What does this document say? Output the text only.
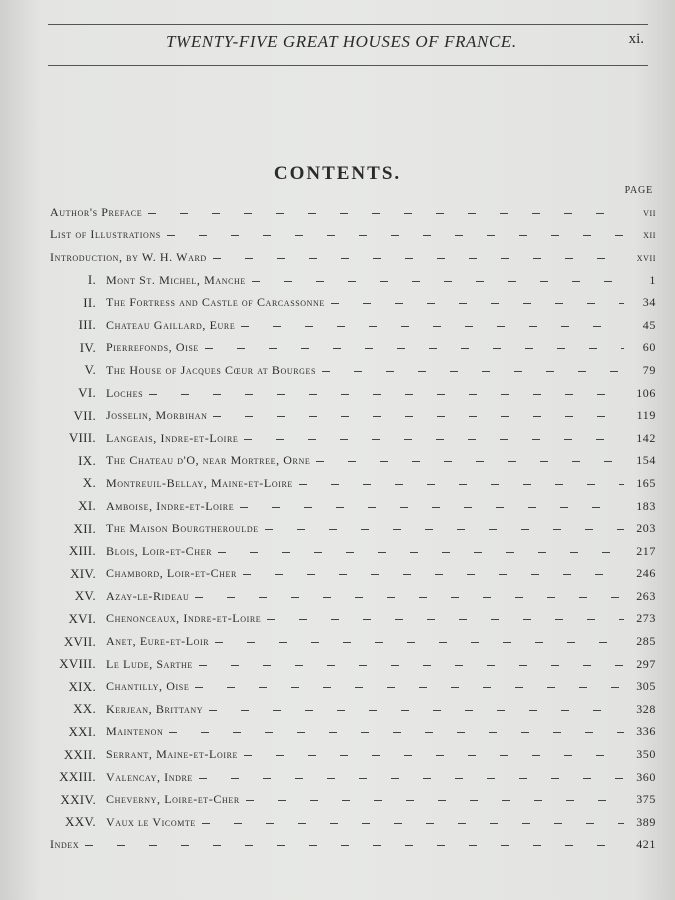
TWENTY-FIVE GREAT HOUSES OF FRANCE.	xi.
CONTENTS.
PAGE
Author's Preface	vii
List of Illustrations	xii
Introduction, by W. H. Ward	xvii
I. Mont St. Michel, Manche	1
II. The Fortress and Castle of Carcassonne	34
III. Chateau Gaillard, Eure	45
IV. Pierrefonds, Oise	60
V. The House of Jacques Cœur at Bourges	79
VI. Loches	106
VII. Josselin, Morbihan	119
VIII. Langeais, Indre-et-Loire	142
IX. The Chateau d'O, near Mortree, Orne	154
X. Montreuil-Bellay, Maine-et-Loire	165
XI. Amboise, Indre-et-Loire	183
XII. The Maison Bourgtheroulde	203
XIII. Blois, Loir-et-Cher	217
XIV. Chambord, Loir-et-Cher	246
XV. Azay-le-Rideau	263
XVI. Chenonceaux, Indre-et-Loire	273
XVII. Anet, Eure-et-Loir	285
XVIII. Le Lude, Sarthe	297
XIX. Chantilly, Oise	305
XX. Kerjean, Brittany	328
XXI. Maintenon	336
XXII. Serrant, Maine-et-Loire	350
XXIII. Valencay, Indre	360
XXIV. Cheverny, Loire-et-Cher	375
XXV. Vaux le Vicomte	389
Index	421
